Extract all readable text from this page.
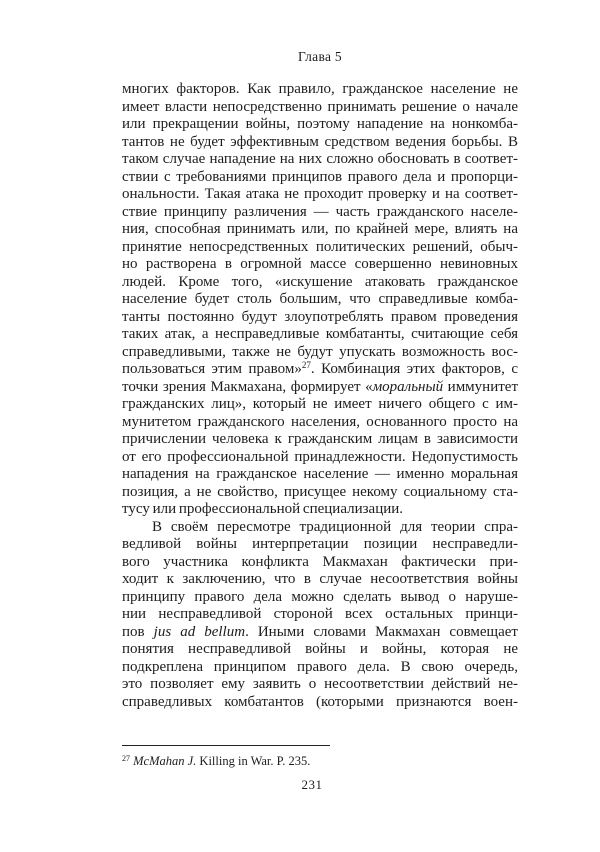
Глава 5
многих факторов. Как правило, гражданское население не
имеет власти непосредственно принимать решение о начале
или прекращении войны, поэтому нападение на нонкомба-
тантов не будет эффективным средством ведения борьбы. В
таком случае нападение на них сложно обосновать в соответ-
ствии с требованиями принципов правого дела и пропорци-
ональности. Такая атака не проходит проверку и на соответ-
ствие принципу различения — часть гражданского населе-
ния, способная принимать или, по крайней мере, влиять на
принятие непосредственных политических решений, обыч-
но растворена в огромной массе совершенно невиновных
людей. Кроме того, «искушение атаковать гражданское
население будет столь большим, что справедливые комба-
танты постоянно будут злоупотреблять правом проведения
таких атак, а несправедливые комбатанты, считающие себя
справедливыми, также не будут упускать возможность вос-
пользоваться этим правом»$^{27}$. Комбинация этих факторов, с
точки зрения Макмахана, формирует «моральный иммунитет
гражданских лиц», который не имеет ничего общего с им-
мунитетом гражданского населения, основанного просто на
причислении человека к гражданским лицам в зависимости
от его профессиональной принадлежности. Недопустимость
нападения на гражданское население — именно моральная
позиция, а не свойство, присущее некому социальному ста-
тусу или профессиональной специализации.
В своём пересмотре традиционной для теории спра-
ведливой войны интерпретации позиции несправедли-
вого участника конфликта Макмахан фактически при-
ходит к заключению, что в случае несоответствия войны
принципу правого дела можно сделать вывод о наруше-
нии несправедливой стороной всех остальных принци-
пов jus ad bellum. Иными словами Макмахан совмещает
понятия несправедливой войны и войны, которая не
подкреплена принципом правого дела. В свою очередь,
это позволяет ему заявить о несоответствии действий не-
справедливых комбатантов (которыми признаются воен-
$^{27}$ McMahan J. Killing in War. P. 235.
231
